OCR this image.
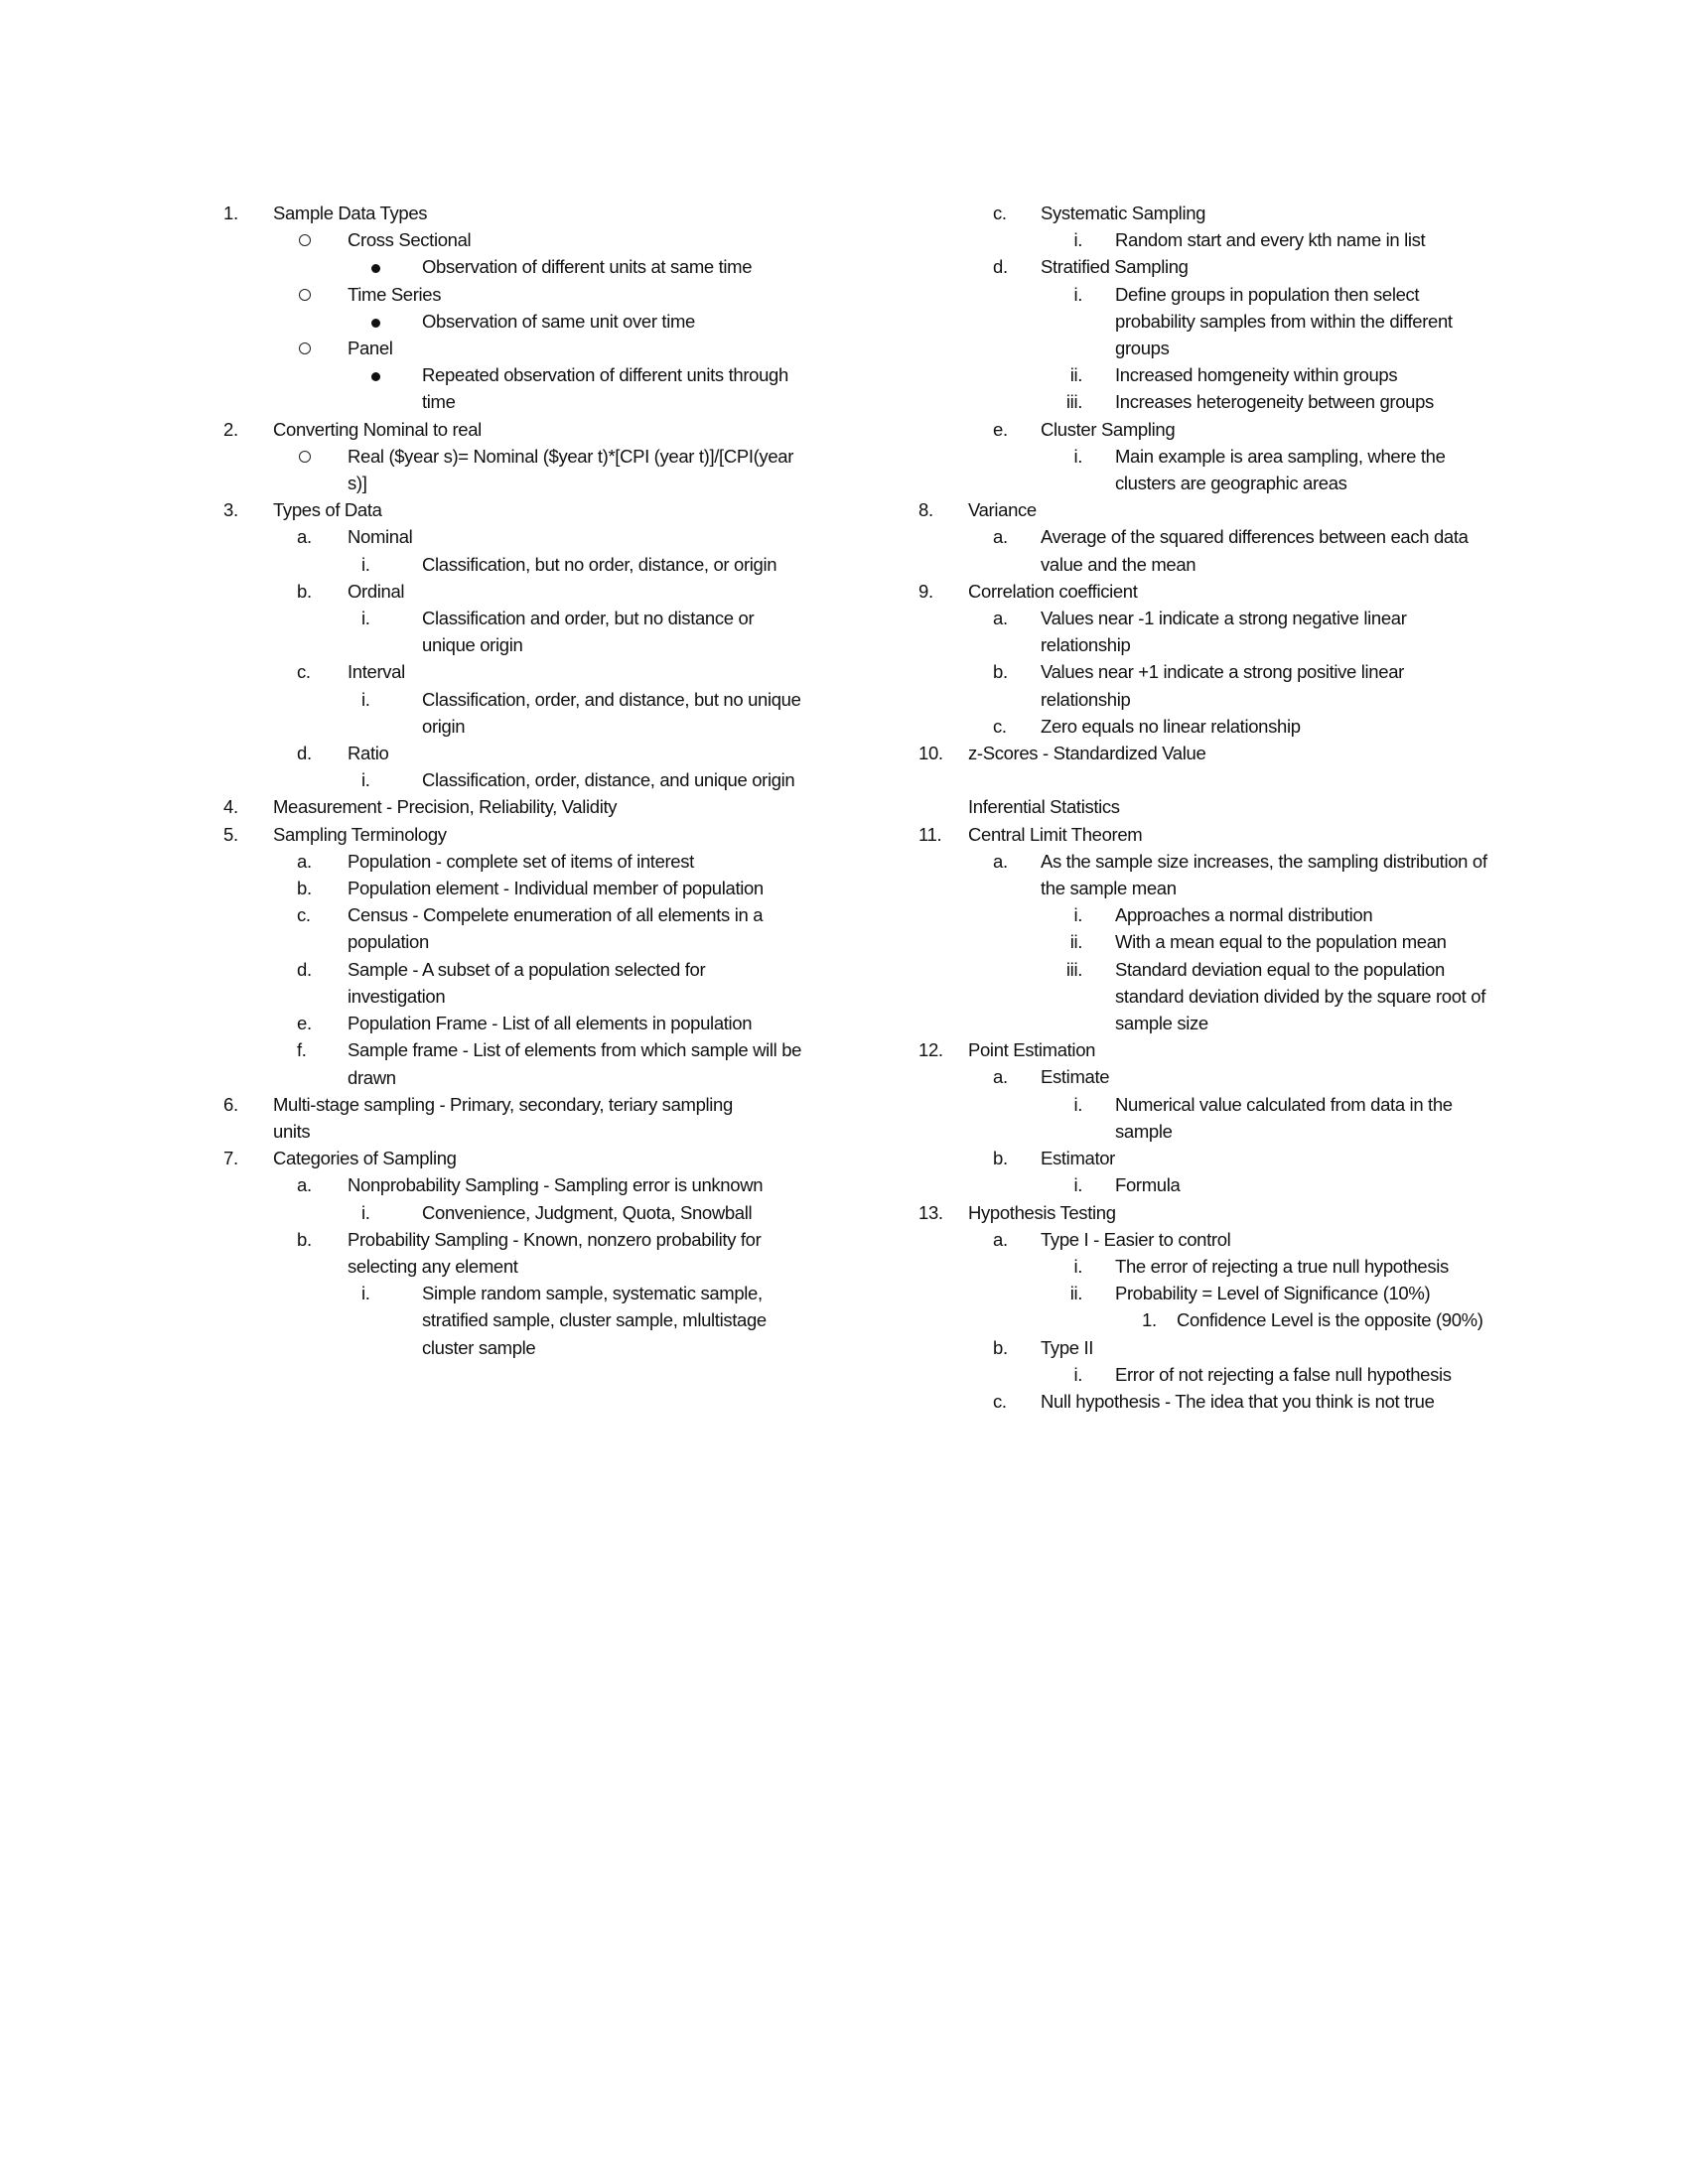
1. Sample Data Types
Cross Sectional
Observation of different units at same time
Time Series
Observation of same unit over time
Panel
Repeated observation of different units through time
2. Converting Nominal to real
Real ($year s)= Nominal ($year t)*[CPI (year t)]/[CPI(year s)]
3. Types of Data
a. Nominal
i.	Classification, but no order, distance, or origin
b. Ordinal
i.	Classification and order, but no distance or unique origin
c. Interval
i.	Classification, order, and distance, but no unique origin
d. Ratio
i.	Classification, order, distance, and unique origin
4. Measurement - Precision, Reliability, Validity
5. Sampling Terminology
a. Population - complete set of items of interest
b. Population element - Individual member of population
c. Census - Compelete enumeration of all elements in a population
d. Sample - A subset of a population selected for investigation
e. Population Frame - List of all elements in population
f. Sample frame - List of elements from which sample will be drawn
6. Multi-stage sampling - Primary, secondary, teriary sampling units
7. Categories of Sampling
a. Nonprobability Sampling - Sampling error is unknown
i.	Convenience, Judgment, Quota, Snowball
b. Probability Sampling - Known, nonzero probability for selecting any element
i.	Simple random sample, systematic sample, stratified sample, cluster sample, mlultistage cluster sample
c. Systematic Sampling
i. Random start and every kth name in list
d. Stratified Sampling
i. Define groups in population then select probability samples from within the different groups
ii. Increased homgeneity within groups
iii. Increases heterogeneity between groups
e. Cluster Sampling
i. Main example is area sampling, where the clusters are geographic areas
8. Variance
a. Average of the squared differences between each data value and the mean
9. Correlation coefficient
a. Values near -1 indicate a strong negative linear relationship
b. Values near +1 indicate a strong positive linear relationship
c. Zero equals no linear relationship
10. z-Scores - Standardized Value
Inferential Statistics
11. Central Limit Theorem
a. As the sample size increases, the sampling distribution of the sample mean
i. Approaches a normal distribution
ii. With a mean equal to the population mean
iii. Standard deviation equal to the population standard deviation divided by the square root of sample size
12. Point Estimation
a. Estimate
i. Numerical value calculated from data in the sample
b. Estimator
i. Formula
13. Hypothesis Testing
a. Type I - Easier to control
i. The error of rejecting a true null hypothesis
ii. Probability = Level of Significance (10%)
1. Confidence Level is the opposite (90%)
b. Type II
i. Error of not rejecting a false null hypothesis
c. Null hypothesis - The idea that you think is not true
